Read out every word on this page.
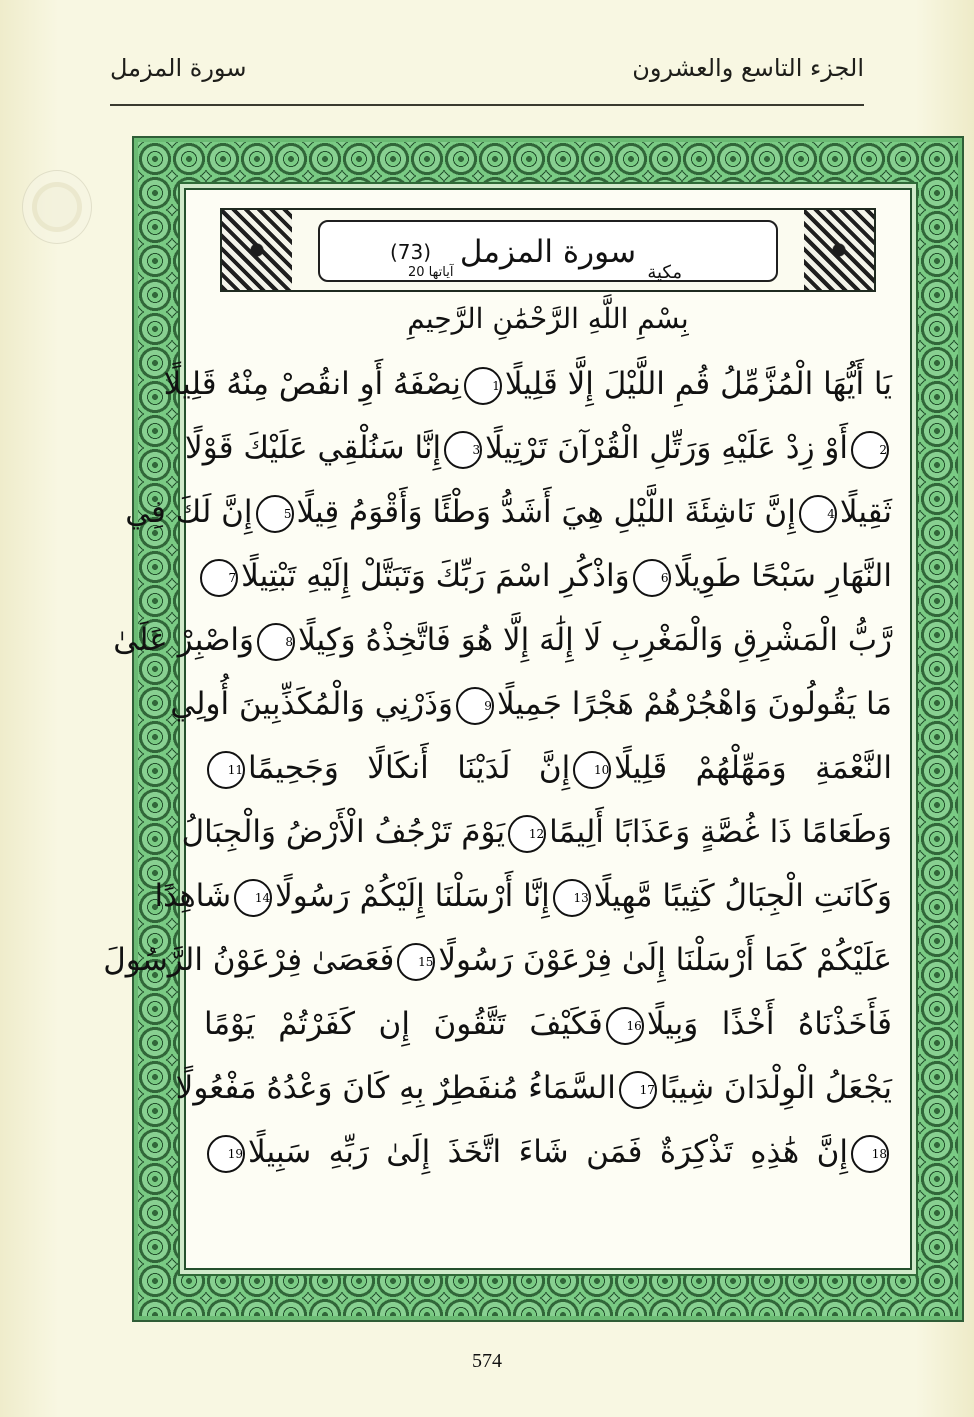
الجزء التاسع والعشرون
سورة المزمل
(73) سورة المزمل
آياتها 20	مكية
بِسْمِ اللَّهِ الرَّحْمَٰنِ الرَّحِيمِ
يَا أَيُّهَا الْمُزَّمِّلُ قُمِ اللَّيْلَ إِلَّا قَلِيلًا1نِصْفَهُ أَوِ انقُصْ مِنْهُ قَلِيلًا
2أَوْ زِدْ عَلَيْهِ وَرَتِّلِ الْقُرْآنَ تَرْتِيلًا3إِنَّا سَنُلْقِي عَلَيْكَ قَوْلًا
ثَقِيلًا4إِنَّ نَاشِئَةَ اللَّيْلِ هِيَ أَشَدُّ وَطْئًا وَأَقْوَمُ قِيلًا5إِنَّ لَكَ فِي
النَّهَارِ سَبْحًا طَوِيلًا6وَاذْكُرِ اسْمَ رَبِّكَ وَتَبَتَّلْ إِلَيْهِ تَبْتِيلًا7
رَّبُّ الْمَشْرِقِ وَالْمَغْرِبِ لَا إِلَٰهَ إِلَّا هُوَ فَاتَّخِذْهُ وَكِيلًا8وَاصْبِرْ عَلَىٰ
مَا يَقُولُونَ وَاهْجُرْهُمْ هَجْرًا جَمِيلًا9وَذَرْنِي وَالْمُكَذِّبِينَ أُولِي
النَّعْمَةِ وَمَهِّلْهُمْ قَلِيلًا10إِنَّ لَدَيْنَا أَنكَالًا وَجَحِيمًا11
وَطَعَامًا ذَا غُصَّةٍ وَعَذَابًا أَلِيمًا12يَوْمَ تَرْجُفُ الْأَرْضُ وَالْجِبَالُ
وَكَانَتِ الْجِبَالُ كَثِيبًا مَّهِيلًا13إِنَّا أَرْسَلْنَا إِلَيْكُمْ رَسُولًا14شَاهِدًا
عَلَيْكُمْ كَمَا أَرْسَلْنَا إِلَىٰ فِرْعَوْنَ رَسُولًا15فَعَصَىٰ فِرْعَوْنُ الرَّسُولَ
فَأَخَذْنَاهُ أَخْذًا وَبِيلًا16فَكَيْفَ تَتَّقُونَ إِن كَفَرْتُمْ يَوْمًا
يَجْعَلُ الْوِلْدَانَ شِيبًا17السَّمَاءُ مُنفَطِرٌ بِهِ كَانَ وَعْدُهُ مَفْعُولًا
18إِنَّ هَٰذِهِ تَذْكِرَةٌ فَمَن شَاءَ اتَّخَذَ إِلَىٰ رَبِّهِ سَبِيلًا19
574
